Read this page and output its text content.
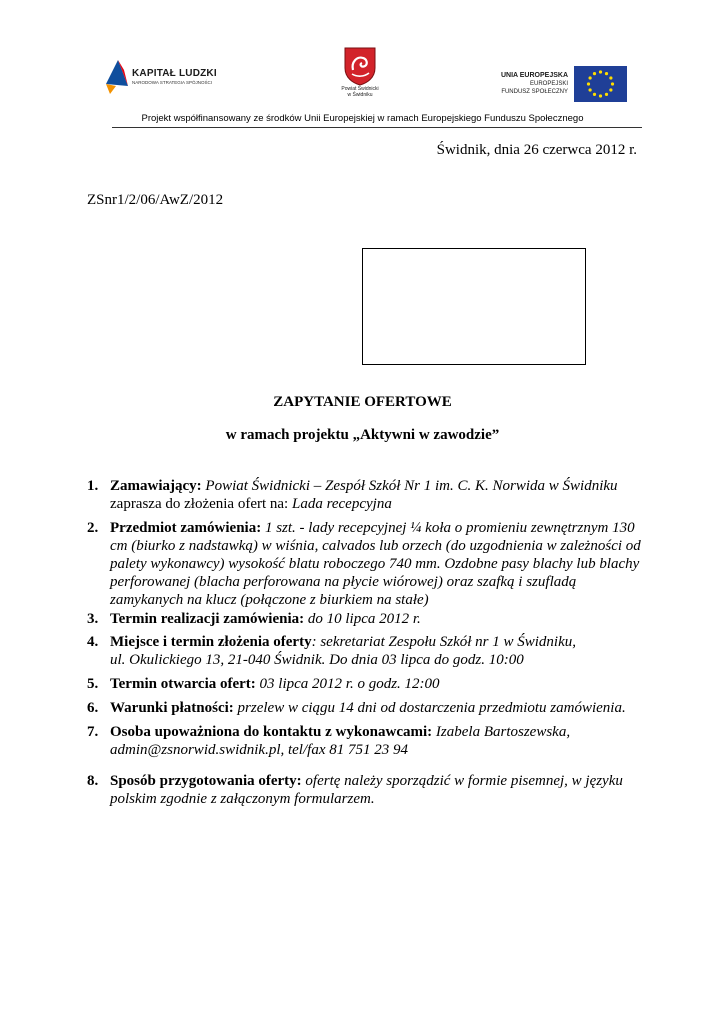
KAPITAŁ LUDZKI
NARODOWA STRATEGIA SPÓJNOŚCI
Powiat Świdnicki
w Świdniku
UNIA EUROPEJSKA
EUROPEJSKI
FUNDUSZ SPOŁECZNY
Projekt współfinansowany ze środków Unii Europejskiej w ramach Europejskiego Funduszu Społecznego
Świdnik, dnia 26 czerwca 2012 r.
ZSnr1/2/06/AwZ/2012
ZAPYTANIE OFERTOWE
w ramach projektu „Aktywni w zawodzie”
1. Zamawiający: Powiat Świdnicki – Zespół Szkół Nr 1 im. C. K. Norwida w Świdniku
zaprasza do złożenia ofert na: Lada recepcyjna
2. Przedmiot zamówienia: 1 szt. - lady recepcyjnej ¼ koła o promieniu zewnętrznym 130
cm (biurko z nadstawką) w wiśnia, calvados lub orzech (do uzgodnienia w zależności od
palety wykonawcy) wysokość blatu roboczego 740 mm. Ozdobne pasy blachy lub blachy
perforowanej (blacha perforowana na płycie wiórowej) oraz szafką i szufladą
zamykanych na klucz (połączone z biurkiem na stałe)
3. Termin realizacji zamówienia: do 10 lipca 2012 r.
4. Miejsce i termin złożenia oferty: sekretariat Zespołu Szkół nr 1 w Świdniku,
ul. Okulickiego 13, 21-040 Świdnik. Do dnia 03 lipca do godz. 10:00
5. Termin otwarcia ofert: 03 lipca 2012 r. o godz. 12:00
6. Warunki płatności: przelew w ciągu 14 dni od dostarczenia przedmiotu zamówienia.
7. Osoba upoważniona do kontaktu z wykonawcami: Izabela Bartoszewska,
admin@zsnorwid.swidnik.pl, tel/fax 81 751 23 94
8. Sposób przygotowania oferty: ofertę należy sporządzić w formie pisemnej, w języku
polskim zgodnie z załączonym formularzem.
